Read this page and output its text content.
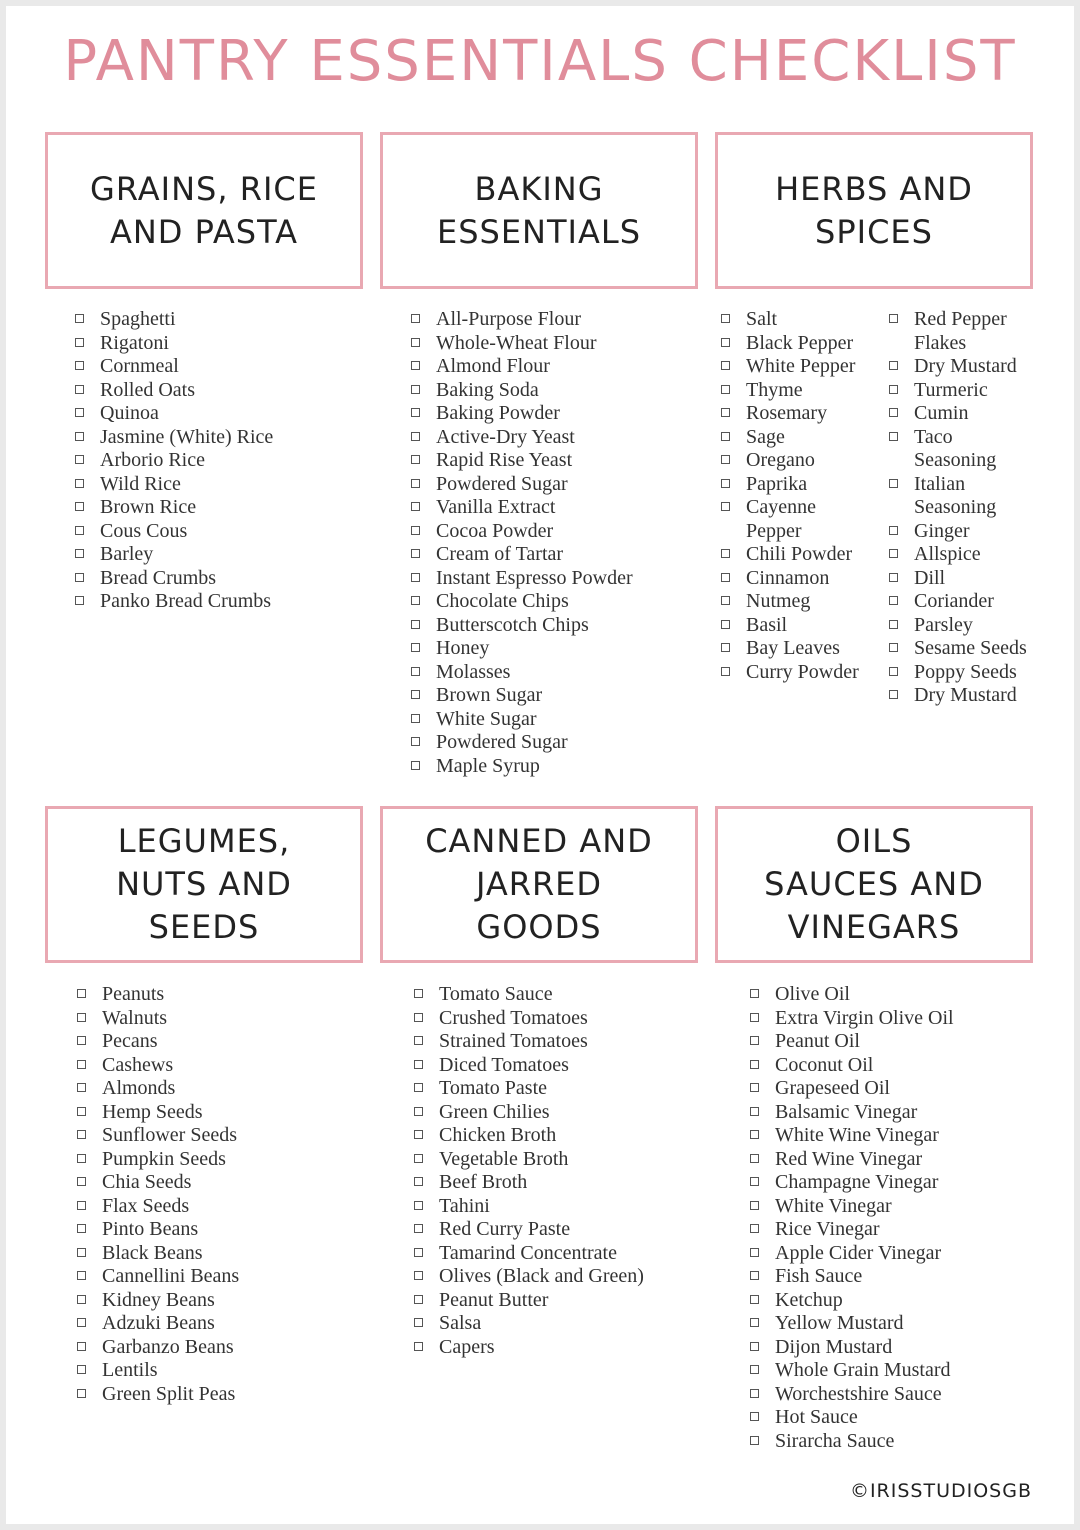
PANTRY ESSENTIALS CHECKLIST
GRAINS, RICE
AND PASTA
BAKING
ESSENTIALS
HERBS AND
SPICES
LEGUMES,
NUTS AND
SEEDS
CANNED AND
JARRED
GOODS
OILS
SAUCES AND
VINEGARS
Spaghetti
Rigatoni
Cornmeal
Rolled Oats
Quinoa
Jasmine (White) Rice
Arborio Rice
Wild Rice
Brown Rice
Cous Cous
Barley
Bread Crumbs
Panko Bread Crumbs
All-Purpose Flour
Whole-Wheat Flour
Almond Flour
Baking Soda
Baking Powder
Active-Dry Yeast
Rapid Rise Yeast
Powdered Sugar
Vanilla Extract
Cocoa Powder
Cream of Tartar
Instant Espresso Powder
Chocolate Chips
Butterscotch Chips
Honey
Molasses
Brown Sugar
White Sugar
Powdered Sugar
Maple Syrup
Salt
Black Pepper
White Pepper
Thyme
Rosemary
Sage
Oregano
Paprika
Cayenne
Pepper
Chili Powder
Cinnamon
Nutmeg
Basil
Bay Leaves
Curry Powder
Red Pepper
Flakes
Dry Mustard
Turmeric
Cumin
Taco
Seasoning
Italian
Seasoning
Ginger
Allspice
Dill
Coriander
Parsley
Sesame Seeds
Poppy Seeds
Dry Mustard
Peanuts
Walnuts
Pecans
Cashews
Almonds
Hemp Seeds
Sunflower Seeds
Pumpkin Seeds
Chia Seeds
Flax Seeds
Pinto Beans
Black Beans
Cannellini Beans
Kidney Beans
Adzuki Beans
Garbanzo Beans
Lentils
Green Split Peas
Tomato Sauce
Crushed Tomatoes
Strained Tomatoes
Diced Tomatoes
Tomato Paste
Green Chilies
Chicken Broth
Vegetable Broth
Beef Broth
Tahini
Red Curry Paste
Tamarind Concentrate
Olives (Black and Green)
Peanut Butter
Salsa
Capers
Olive Oil
Extra Virgin Olive Oil
Peanut Oil
Coconut Oil
Grapeseed Oil
Balsamic Vinegar
White Wine Vinegar
Red Wine Vinegar
Champagne Vinegar
White Vinegar
Rice Vinegar
Apple Cider Vinegar
Fish Sauce
Ketchup
Yellow Mustard
Dijon Mustard
Whole Grain Mustard
Worchestshire Sauce
Hot Sauce
Sirarcha Sauce
©IRISSTUDIOSGB
